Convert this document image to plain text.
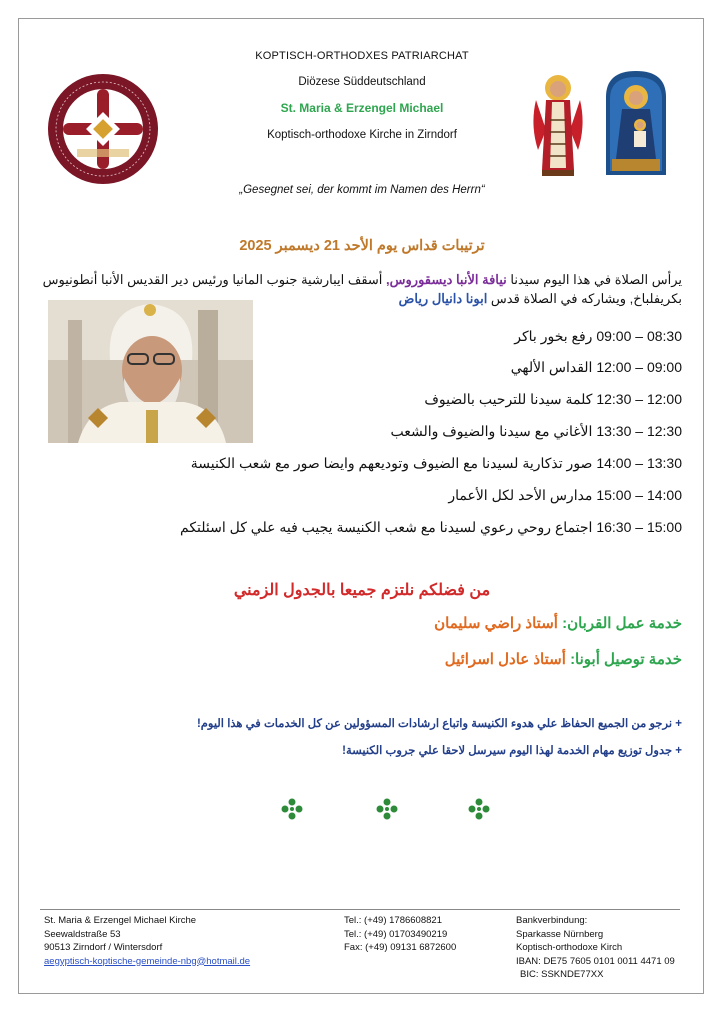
KOPTISCH-ORTHODXES PATRIARCHAT
Diözese Süddeutschland
St. Maria & Erzengel Michael
Koptisch-orthodoxe Kirche in Zirndorf
„Gesegnet sei, der kommt im Namen des Herrn“
ترتيبات قداس يوم الأحد 21 ديسمبر 2025
يرأس الصلاة في هذا اليوم سيدنا نيافة الأنبا ديسقوروس, أسقف ايبارشية جنوب المانيا ورئيس دير القديس الأنبا أنطونيوس بكريفلباخ, ويشاركه في الصلاة قدس ابونا دانيال رياض
08:30 – 09:00 رفع بخور باكر
09:00 – 12:00 القداس الألهي
12:00 – 12:30 كلمة سيدنا للترحيب بالضيوف
12:30 – 13:30 الأغاني مع سيدنا والضيوف والشعب
13:30 – 14:00 صور تذكارية لسيدنا مع الضيوف وتوديعهم وايضا صور مع شعب الكنيسة
14:00 – 15:00 مدارس الأحد لكل الأعمار
15:00 – 16:30 اجتماع روحي رعوي لسيدنا مع شعب الكنيسة يجيب فيه علي كل اسئلتكم
من فضلكم نلتزم جميعا بالجدول الزمني
خدمة عمل القربان: أستاذ راضي سليمان
خدمة توصيل أبونا: أستاذ عادل اسرائيل
+ نرجو من الجميع الحفاظ علي هدوء الكنيسة واتباع ارشادات المسؤولين عن كل الخدمات في هذا اليوم!
+ جدول توزيع مهام الخدمة لهذا اليوم سيرسل لاحقا علي جروب الكنيسة!
St. Maria & Erzengel Michael Kirche
Seewaldstraße 53
90513 Zirndorf / Wintersdorf
aegyptisch-koptische-gemeinde-nbg@hotmail.de
Tel.: (+49) 1786608821
Tel.: (+49) 01703490219
Fax: (+49) 09131 6872600
Bankverbindung:
Sparkasse Nürnberg
Koptisch-orthodoxe Kirch
IBAN: DE75 7605 0101 0011 4471 09
BIC: SSKNDE77XX
